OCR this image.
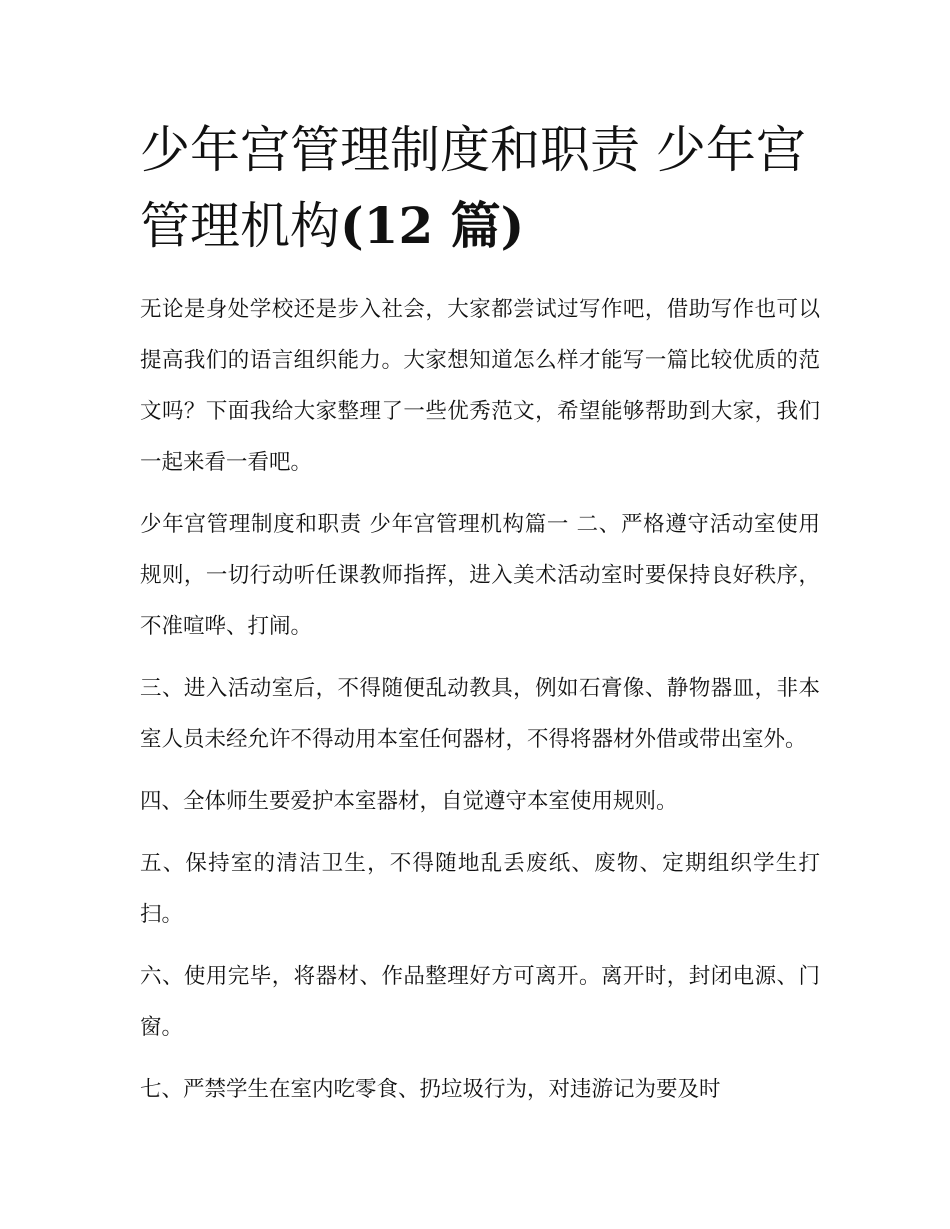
少年宫管理制度和职责 少年宫管理机构(12 篇)

无论是身处学校还是步入社会，大家都尝试过写作吧，借助写作也可以提高我们的语言组织能力。大家想知道怎么样才能写一篇比较优质的范文吗？下面我给大家整理了一些优秀范文，希望能够帮助到大家，我们一起来看一看吧。

少年宫管理制度和职责 少年宫管理机构篇一 二、严格遵守活动室使用规则，一切行动听任课教师指挥，进入美术活动室时要保持良好秩序，不准喧哗、打闹。

三、进入活动室后，不得随便乱动教具，例如石膏像、静物器皿，非本室人员未经允许不得动用本室任何器材，不得将器材外借或带出室外。

四、全体师生要爱护本室器材，自觉遵守本室使用规则。

五、保持室的清洁卫生，不得随地乱丢废纸、废物、定期组织学生打扫。

六、使用完毕，将器材、作品整理好方可离开。离开时，封闭电源、门窗。

七、严禁学生在室内吃零食、扔垃圾行为，对违游记为要及时
